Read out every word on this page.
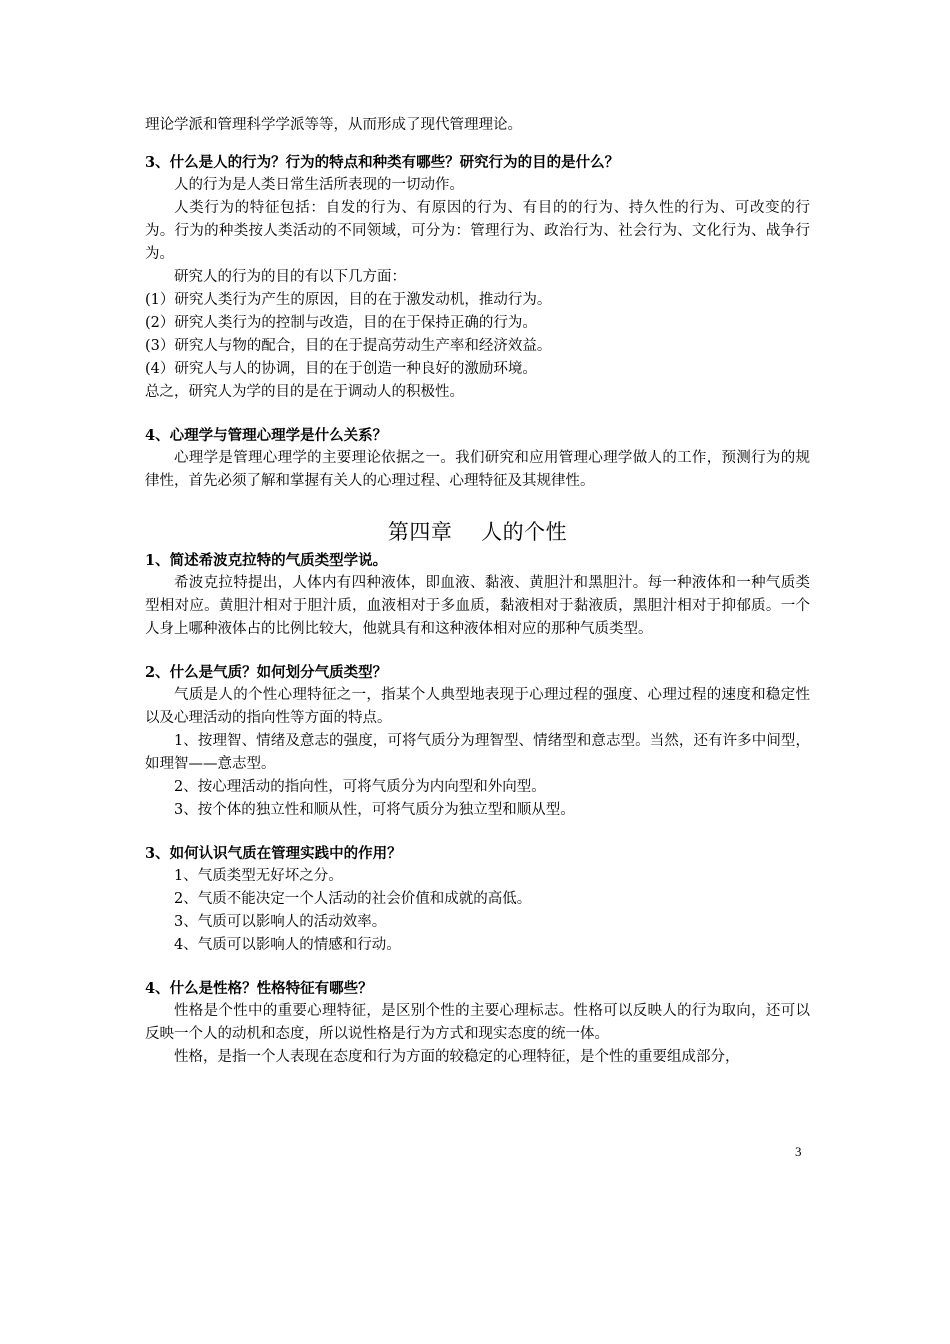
理论学派和管理科学学派等等，从而形成了现代管理理论。

3、什么是人的行为？行为的特点和种类有哪些？研究行为的目的是什么？

人的行为是人类日常生活所表现的一切动作。

人类行为的特征包括：自发的行为、有原因的行为、有目的的行为、持久性的行为、可改变的行为。行为的种类按人类活动的不同领域，可分为：管理行为、政治行为、社会行为、文化行为、战争行为。

研究人的行为的目的有以下几方面：

(1）研究人类行为产生的原因，目的在于激发动机，推动行为。

(2）研究人类行为的控制与改造，目的在于保持正确的行为。

(3）研究人与物的配合，目的在于提高劳动生产率和经济效益。

(4）研究人与人的协调，目的在于创造一种良好的激励环境。

总之，研究人为学的目的是在于调动人的积极性。

4、心理学与管理心理学是什么关系？

心理学是管理心理学的主要理论依据之一。我们研究和应用管理心理学做人的工作，预测行为的规律性，首先必须了解和掌握有关人的心理过程、心理特征及其规律性。

第四章    人的个性

1、简述希波克拉特的气质类型学说。

希波克拉特提出，人体内有四种液体，即血液、黏液、黄胆汁和黑胆汁。每一种液体和一种气质类型相对应。黄胆汁相对于胆汁质，血液相对于多血质，黏液相对于黏液质，黑胆汁相对于抑郁质。一个人身上哪种液体占的比例比较大，他就具有和这种液体相对应的那种气质类型。

2、什么是气质？如何划分气质类型？

气质是人的个性心理特征之一，指某个人典型地表现于心理过程的强度、心理过程的速度和稳定性以及心理活动的指向性等方面的特点。

1、按理智、情绪及意志的强度，可将气质分为理智型、情绪型和意志型。当然，还有许多中间型，如理智——意志型。

2、按心理活动的指向性，可将气质分为内向型和外向型。

3、按个体的独立性和顺从性，可将气质分为独立型和顺从型。

3、如何认识气质在管理实践中的作用？

1、气质类型无好坏之分。

2、气质不能决定一个人活动的社会价值和成就的高低。

3、气质可以影响人的活动效率。

4、气质可以影响人的情感和行动。

4、什么是性格？性格特征有哪些？

性格是个性中的重要心理特征，是区别个性的主要心理标志。性格可以反映人的行为取向，还可以反映一个人的动机和态度，所以说性格是行为方式和现实态度的统一体。

性格，是指一个人表现在态度和行为方面的较稳定的心理特征，是个性的重要组成部分，

3
